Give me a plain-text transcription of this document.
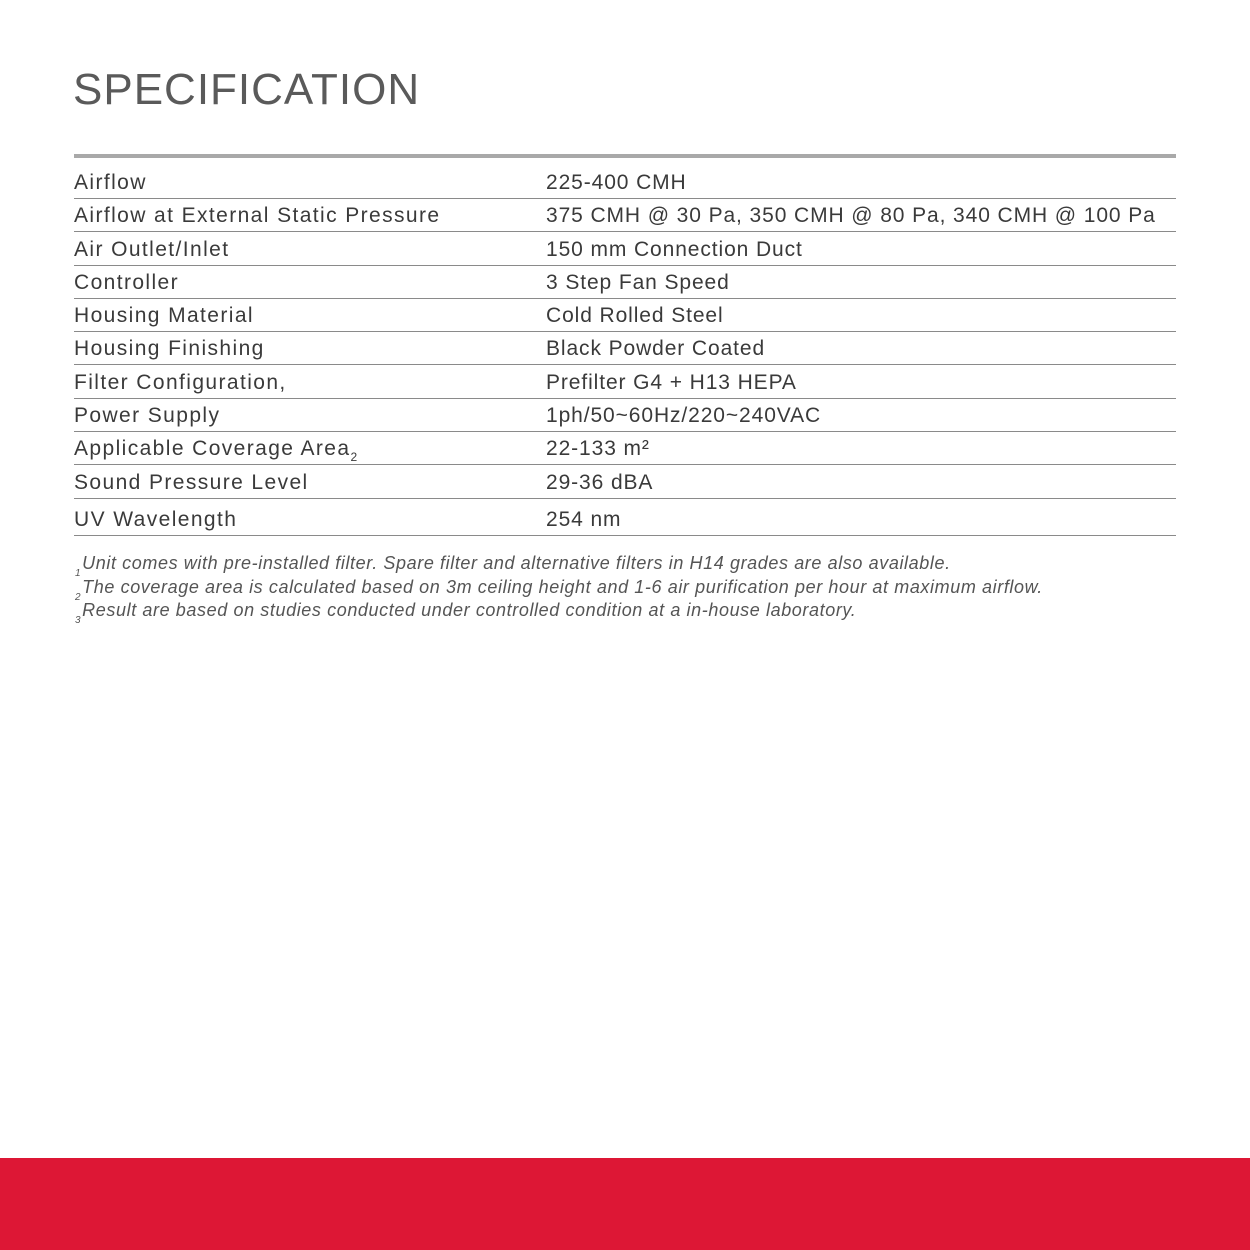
SPECIFICATION
Airflow	225-400 CMH
Airflow at External Static Pressure	375 CMH @ 30 Pa, 350 CMH @ 80 Pa, 340 CMH @ 100 Pa
Air Outlet/Inlet	150 mm Connection Duct
Controller	3 Step Fan Speed
Housing Material	Cold Rolled Steel
Housing Finishing	Black Powder Coated
Filter Configuration,	Prefilter G4 + H13 HEPA
Power Supply	1ph/50~60Hz/220~240VAC
Applicable Coverage Area$_2$	22-133 m²
Sound Pressure Level	29-36 dBA
UV Wavelength	254 nm
$_1$Unit comes with pre-installed filter. Spare filter and alternative filters in H14 grades are also available.
$_2$The coverage area is calculated based on 3m ceiling height and 1-6 air purification per hour at maximum airflow.
$_3$Result are based on studies conducted under controlled condition at a in-house laboratory.
